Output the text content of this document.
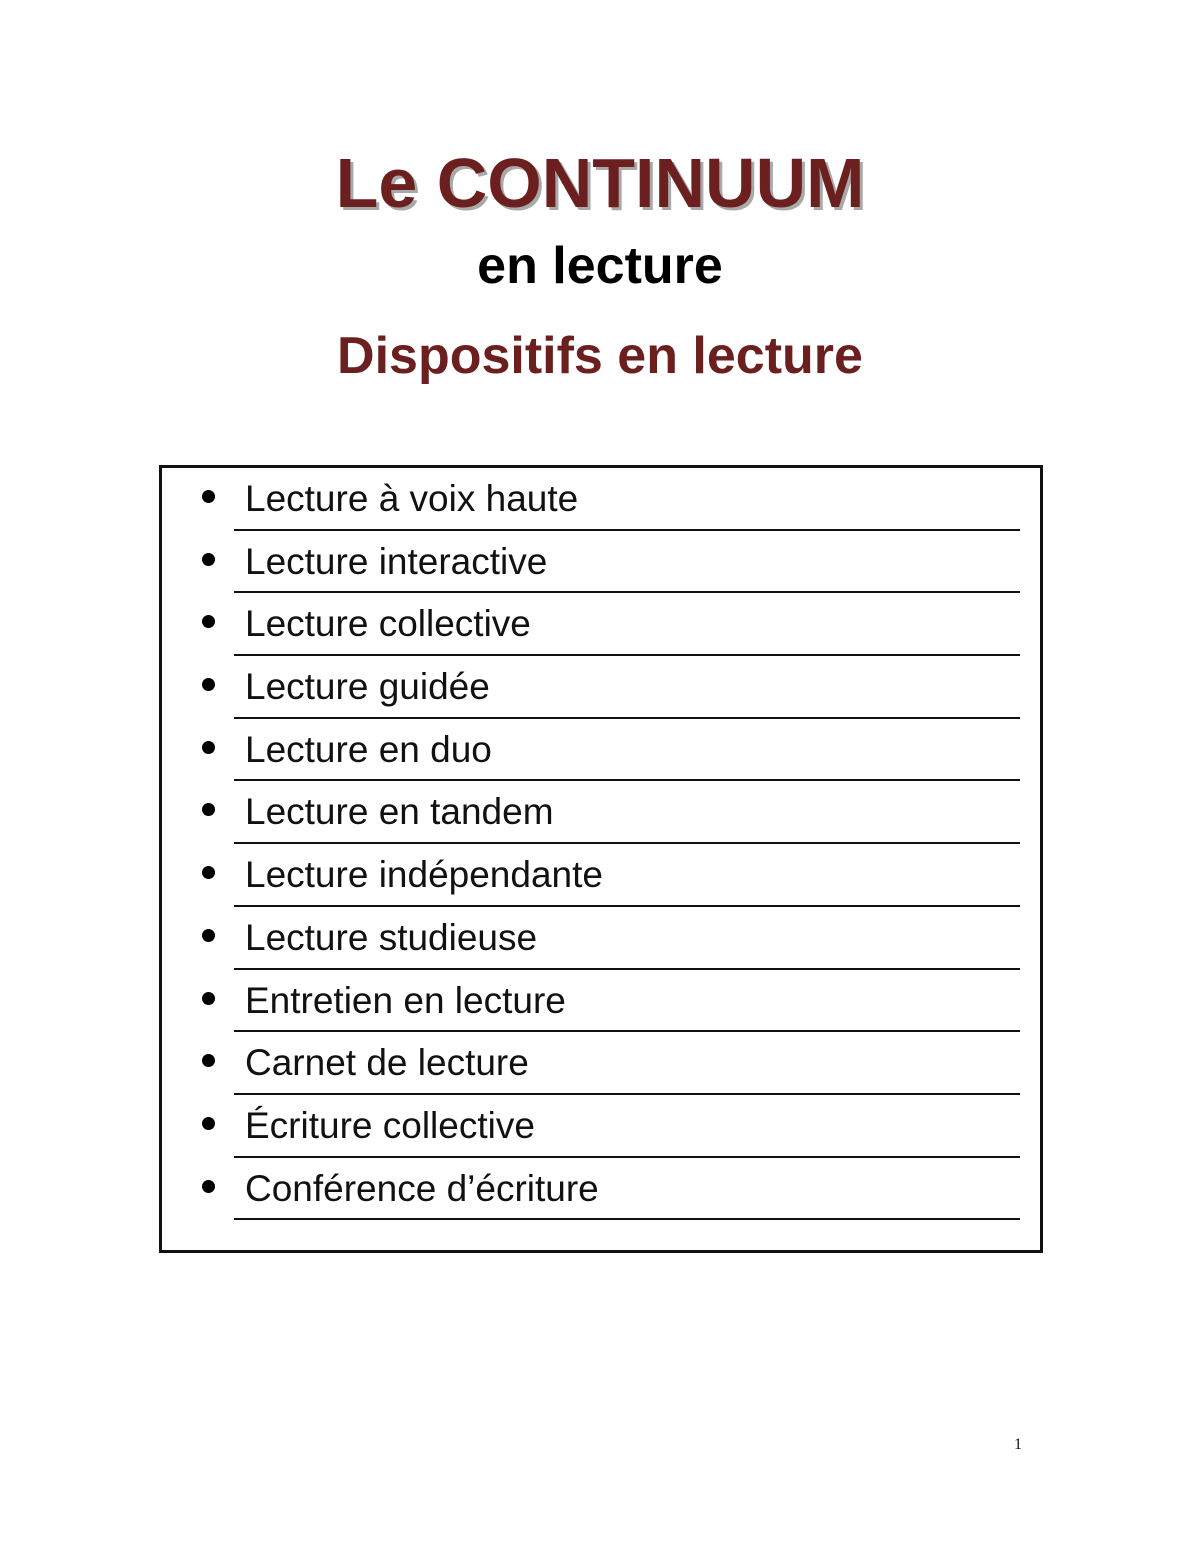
Le CONTINUUM
en lecture
Dispositifs en lecture
Lecture à voix haute
Lecture interactive
Lecture collective
Lecture guidée
Lecture en duo
Lecture en tandem
Lecture indépendante
Lecture studieuse
Entretien en lecture
Carnet de lecture
Écriture collective
Conférence d’écriture
1
